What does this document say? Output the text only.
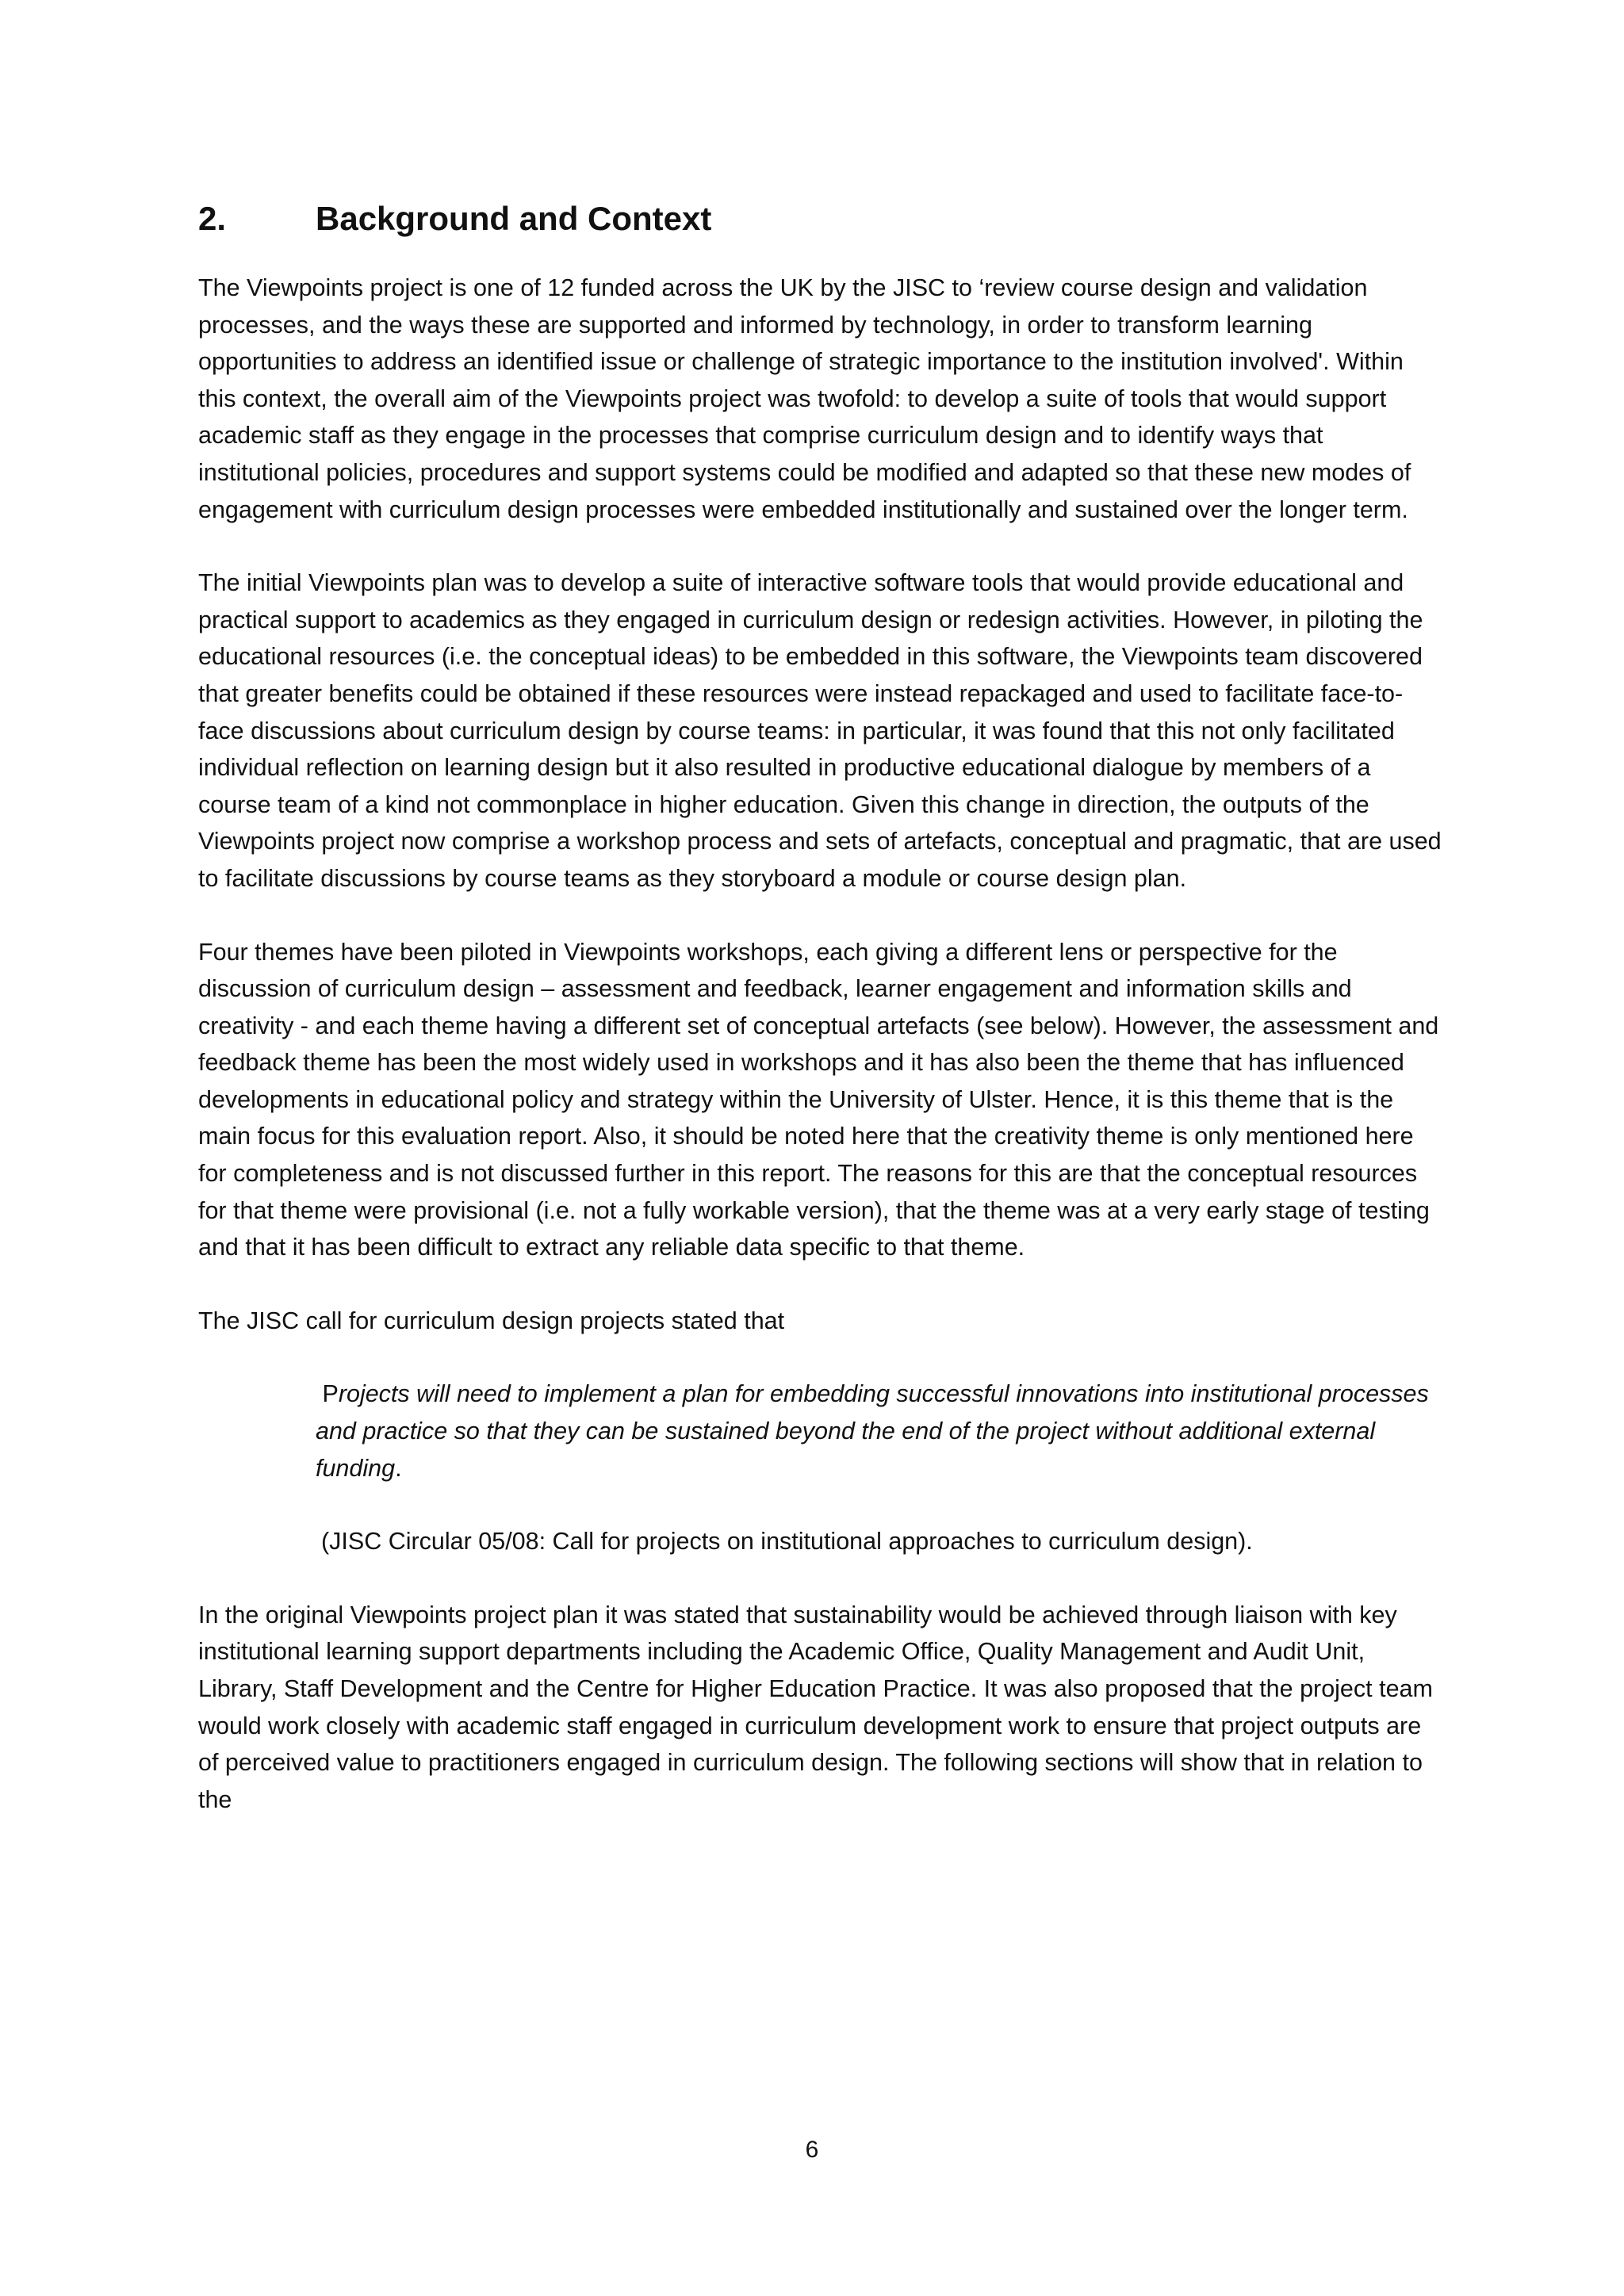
2.	Background and Context

The Viewpoints project is one of 12 funded across the UK by the JISC to ‘review course design and validation processes, and the ways these are supported and informed by technology, in order to transform learning opportunities to address an identified issue or challenge of strategic importance to the institution involved'. Within this context, the overall aim of the Viewpoints project was twofold: to develop a suite of tools that would support academic staff as they engage in the processes that comprise curriculum design and to identify ways that institutional policies, procedures and support systems could be modified and adapted so that these new modes of engagement with curriculum design processes were embedded institutionally and sustained over the longer term.

The initial Viewpoints plan was to develop a suite of interactive software tools that would provide educational and practical support to academics as they engaged in curriculum design or redesign activities. However, in piloting the educational resources (i.e. the conceptual ideas) to be embedded in this software, the Viewpoints team discovered that greater benefits could be obtained if these resources were instead repackaged and used to facilitate face-to-face discussions about curriculum design by course teams: in particular, it was found that this not only facilitated individual reflection on learning design but it also resulted in productive educational dialogue by members of a course team of a kind not commonplace in higher education. Given this change in direction, the outputs of the Viewpoints project now comprise a workshop process and sets of artefacts, conceptual and pragmatic, that are used to facilitate discussions by course teams as they storyboard a module or course design plan.

Four themes have been piloted in Viewpoints workshops, each giving a different lens or perspective for the discussion of curriculum design – assessment and feedback, learner engagement and information skills and creativity - and each theme having a different set of conceptual artefacts (see below). However, the assessment and feedback theme has been the most widely used in workshops and it has also been the theme that has influenced developments in educational policy and strategy within the University of Ulster. Hence, it is this theme that is the main focus for this evaluation report. Also, it should be noted here that the creativity theme is only mentioned here for completeness and is not discussed further in this report. The reasons for this are that the conceptual resources for that theme were provisional (i.e. not a fully workable version), that the theme was at a very early stage of testing and that it has been difficult to extract any reliable data specific to that theme.

The JISC call for curriculum design projects stated that

Projects will need to implement a plan for embedding successful innovations into institutional processes and practice so that they can be sustained beyond the end of the project without additional external funding.
(JISC Circular 05/08: Call for projects on institutional approaches to curriculum design).

In the original Viewpoints project plan it was stated that sustainability would be achieved through liaison with key institutional learning support departments including the Academic Office, Quality Management and Audit Unit, Library, Staff Development and the Centre for Higher Education Practice. It was also proposed that the project team would work closely with academic staff engaged in curriculum development work to ensure that project outputs are of perceived value to practitioners engaged in curriculum design. The following sections will show that in relation to the

6
